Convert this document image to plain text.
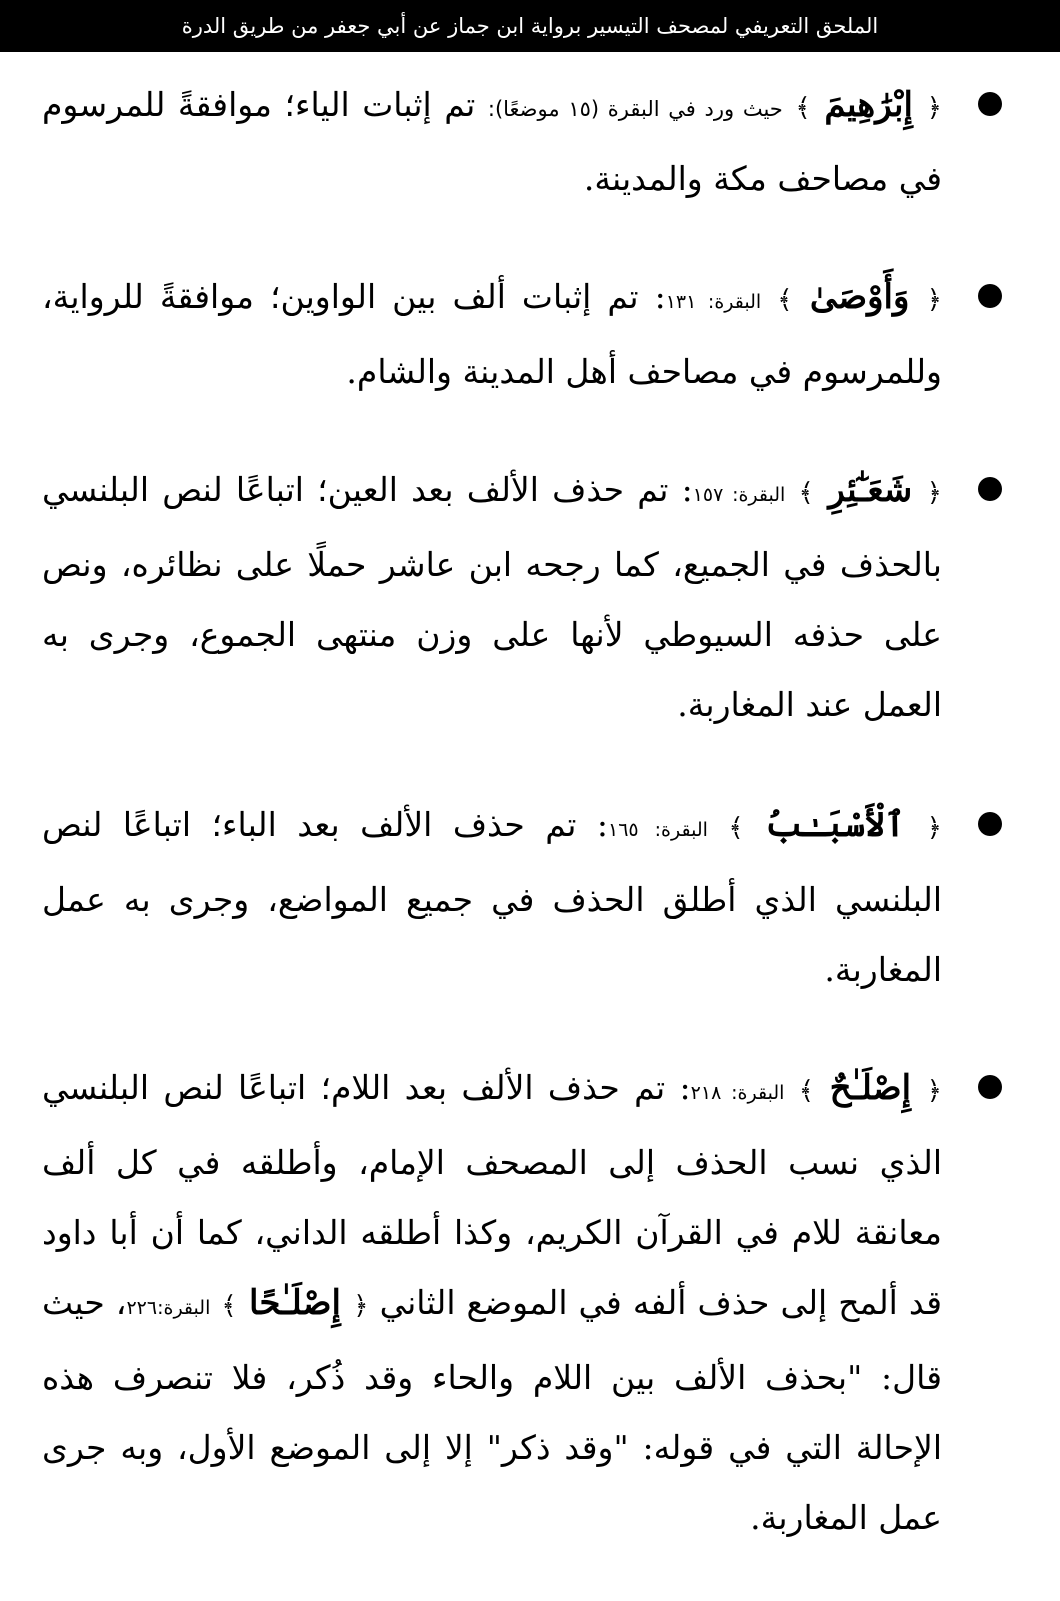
الملحق التعريفي لمصحف التيسير برواية ابن جماز عن أبي جعفر من طريق الدرة
﴿ إِبْرَٰهِيمَ ﴾ حيث ورد في البقرة (١٥ موضعًا): تم إثبات الياء؛ موافقةً للمرسوم في مصاحف مكة والمدينة.
﴿ وَأَوْصَىٰ ﴾ البقرة: ١٣١: تم إثبات ألف بين الواوين؛ موافقةً للرواية، وللمرسوم في مصاحف أهل المدينة والشام.
﴿ شَعَـٰٓئِرِ ﴾ البقرة: ١٥٧: تم حذف الألف بعد العين؛ اتباعًا لنص البلنسي بالحذف في الجميع، كما رجحه ابن عاشر حملًا على نظائره، ونص على حذفه السيوطي لأنها على وزن منتهى الجموع، وجرى به العمل عند المغاربة.
﴿ ٱلْأَسْبَـٰبُ ﴾ البقرة: ١٦٥: تم حذف الألف بعد الباء؛ اتباعًا لنص البلنسي الذي أطلق الحذف في جميع المواضع، وجرى به عمل المغاربة.
﴿ إِصْلَـٰحٌ ﴾ البقرة: ٢١٨: تم حذف الألف بعد اللام؛ اتباعًا لنص البلنسي الذي نسب الحذف إلى المصحف الإمام، وأطلقه في كل ألف معانقة للام في القرآن الكريم، وكذا أطلقه الداني، كما أن أبا داود قد ألمح إلى حذف ألفه في الموضع الثاني ﴿ إِصْلَـٰحًا ﴾ البقرة:٢٢٦، حيث قال: "بحذف الألف بين اللام والحاء وقد ذُكر، فلا تنصرف هذه الإحالة التي في قوله: "وقد ذكر" إلا إلى الموضع الأول، وبه جرى عمل المغاربة.
